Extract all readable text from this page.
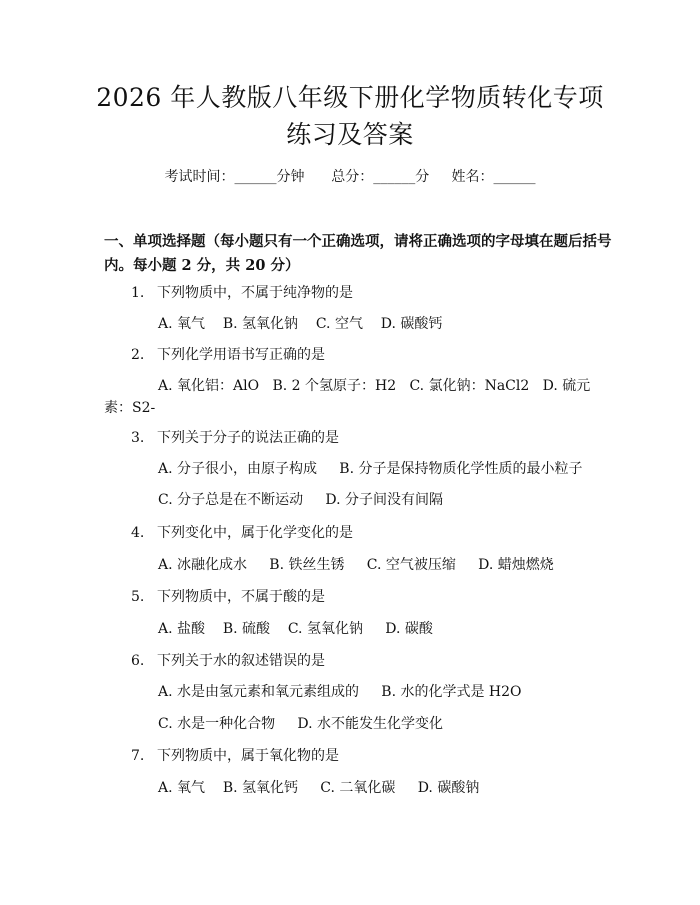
2026 年人教版八年级下册化学物质转化专项
练习及答案
考试时间：______分钟 总分：______分 姓名：______
一、单项选择题（每小题只有一个正确选项，请将正确选项的字母填在题后括号
内。每小题 2 分，共 20 分）
1. 下列物质中，不属于纯净物的是
A. 氧气 B. 氢氧化钠 C. 空气 D. 碳酸钙
2. 下列化学用语书写正确的是
A. 氧化铝：AlO B. 2 个氢原子：H2 C. 氯化钠：NaCl2 D. 硫元
素：S2-
3. 下列关于分子的说法正确的是
A. 分子很小，由原子构成 B. 分子是保持物质化学性质的最小粒子
C. 分子总是在不断运动 D. 分子间没有间隔
4. 下列变化中，属于化学变化的是
A. 冰融化成水 B. 铁丝生锈 C. 空气被压缩 D. 蜡烛燃烧
5. 下列物质中，不属于酸的是
A. 盐酸 B. 硫酸 C. 氢氧化钠 D. 碳酸
6. 下列关于水的叙述错误的是
A. 水是由氢元素和氧元素组成的 B. 水的化学式是 H2O
C. 水是一种化合物 D. 水不能发生化学变化
7. 下列物质中，属于氧化物的是
A. 氧气 B. 氢氧化钙 C. 二氧化碳 D. 碳酸钠
